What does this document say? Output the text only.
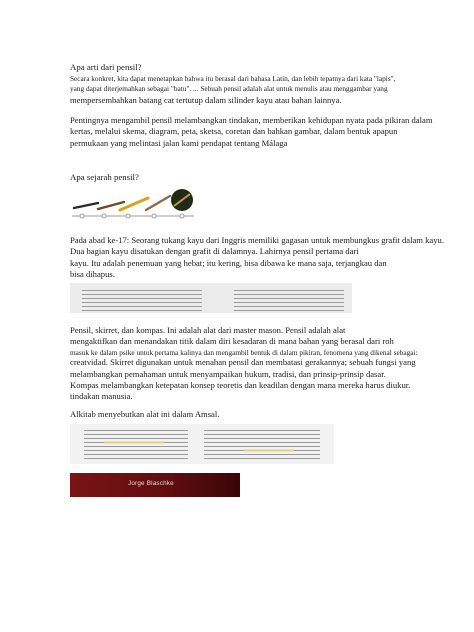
Apa arti dari pensil?

Secara konkret, kita dapat menetapkan bahwa itu berasal dari bahasa Latin, dan lebih tepatnya dari kata "lapis",
yang dapat diterjemahkan sebagai "batu". ... Sebuah pensil adalah alat untuk menulis atau menggambar yang
mempersembahkan batang cat tertutup dalam silinder kayu atau bahan lainnya.

Pentingnya mengambil pensil melambangkan tindakan, memberikan kehidupan nyata pada pikiran dalam
kertas, melalui skema, diagram, peta, sketsa, coretan dan bahkan gambar, dalam bentuk apapun
permukaan yang melintasi jalan kami pendapat tentang Málaga

Apa sejarah pensil?

Pada abad ke-17: Seorang tukang kayu dari Inggris memiliki gagasan untuk membungkus grafit dalam kayu.
Dua bagian kayu disatukan dengan grafit di dalamnya. Lahirnya pensil pertama dari
kayu. Itu adalah penemuan yang hebat; itu kering, bisa dibawa ke mana saja, terjangkau dan
bisa dihapus.

Pensil, skirret, dan kompas. Ini adalah alat dari master mason. Pensil adalah alat
mengaktifkan dan menandakan titik dalam diri kesadaran di mana bahan yang berasal dari roh
masuk ke dalam psike untuk pertama kalinya dan mengambil bentuk di dalam pikiran, fenomena yang dikenal sebagai:
creatvidad. Skirret digunakan untuk menahan pensil dan membatasi gerakannya; sebuah fungsi yang
melambangkan pemahaman untuk menyampaikan hukum, tradisi, dan prinsip-prinsip dasar.

Kompas melambangkan ketepatan konsep teoretis dan keadilan dengan mana mereka harus diukur.
tindakan manusia.

Alkitab menyebutkan alat ini dalam Amsal.

Jorge Blaschke
